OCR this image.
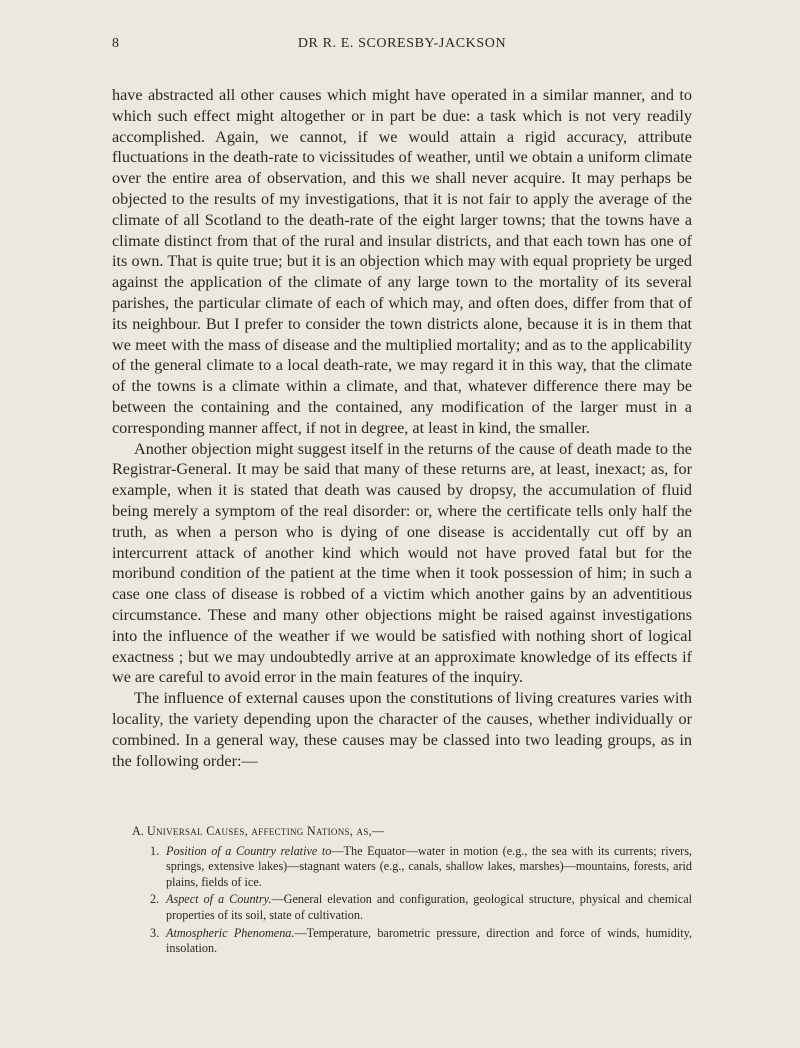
8	DR R. E. SCORESBY-JACKSON

have abstracted all other causes which might have operated in a similar manner, and to which such effect might altogether or in part be due: a task which is not very readily accomplished. Again, we cannot, if we would attain a rigid accuracy, attribute fluctuations in the death-rate to vicissitudes of weather, until we obtain a uniform climate over the entire area of observation, and this we shall never acquire. It may perhaps be objected to the results of my investigations, that it is not fair to apply the average of the climate of all Scotland to the death-rate of the eight larger towns; that the towns have a climate distinct from that of the rural and insular districts, and that each town has one of its own. That is quite true; but it is an objection which may with equal propriety be urged against the application of the climate of any large town to the mortality of its several parishes, the particular climate of each of which may, and often does, differ from that of its neighbour. But I prefer to consider the town districts alone, because it is in them that we meet with the mass of disease and the multiplied mortality; and as to the applicability of the general climate to a local death-rate, we may regard it in this way, that the climate of the towns is a climate within a climate, and that, whatever difference there may be between the containing and the contained, any modification of the larger must in a corresponding manner affect, if not in degree, at least in kind, the smaller.

Another objection might suggest itself in the returns of the cause of death made to the Registrar-General. It may be said that many of these returns are, at least, inexact; as, for example, when it is stated that death was caused by dropsy, the accumulation of fluid being merely a symptom of the real disorder: or, where the certificate tells only half the truth, as when a person who is dying of one disease is accidentally cut off by an intercurrent attack of another kind which would not have proved fatal but for the moribund condition of the patient at the time when it took possession of him; in such a case one class of disease is robbed of a victim which another gains by an adventitious circumstance. These and many other objections might be raised against investigations into the influence of the weather if we would be satisfied with nothing short of logical exactness ; but we may undoubtedly arrive at an approximate knowledge of its effects if we are careful to avoid error in the main features of the inquiry.

The influence of external causes upon the constitutions of living creatures varies with locality, the variety depending upon the character of the causes, whether individually or combined. In a general way, these causes may be classed into two leading groups, as in the following order:—

A. Universal Causes, affecting Nations, as,—
1. Position of a Country relative to—The Equator—water in motion (e.g., the sea with its currents; rivers, springs, extensive lakes)—stagnant waters (e.g., canals, shallow lakes, marshes)—mountains, forests, arid plains, fields of ice.
2. Aspect of a Country.—General elevation and configuration, geological structure, physical and chemical properties of its soil, state of cultivation.
3. Atmospheric Phenomena.—Temperature, barometric pressure, direction and force of winds, humidity, insolation.
